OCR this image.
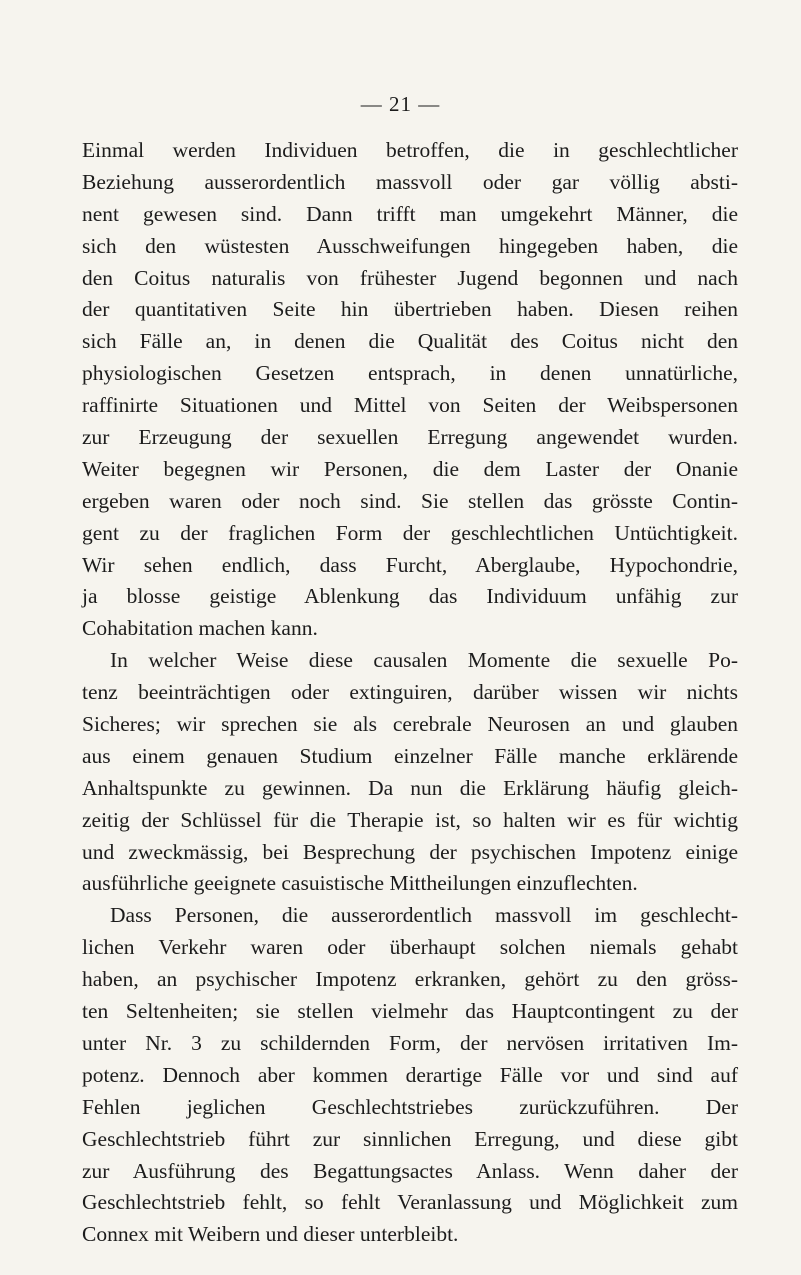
— 21 —
Einmal werden Individuen betroffen, die in geschlechtlicher
Beziehung ausserordentlich massvoll oder gar völlig absti-
nent gewesen sind. Dann trifft man umgekehrt Männer, die
sich den wüstesten Ausschweifungen hingegeben haben, die
den Coitus naturalis von frühester Jugend begonnen und nach
der quantitativen Seite hin übertrieben haben. Diesen reihen
sich Fälle an, in denen die Qualität des Coitus nicht den
physiologischen Gesetzen entsprach, in denen unnatürliche,
raffinirte Situationen und Mittel von Seiten der Weibspersonen
zur Erzeugung der sexuellen Erregung angewendet wurden.
Weiter begegnen wir Personen, die dem Laster der Onanie
ergeben waren oder noch sind. Sie stellen das grösste Contin-
gent zu der fraglichen Form der geschlechtlichen Untüchtigkeit.
Wir sehen endlich, dass Furcht, Aberglaube, Hypochondrie,
ja blosse geistige Ablenkung das Individuum unfähig zur
Cohabitation machen kann.
In welcher Weise diese causalen Momente die sexuelle Po-
tenz beeinträchtigen oder extinguiren, darüber wissen wir nichts
Sicheres; wir sprechen sie als cerebrale Neurosen an und glauben
aus einem genauen Studium einzelner Fälle manche erklärende
Anhaltspunkte zu gewinnen. Da nun die Erklärung häufig gleich-
zeitig der Schlüssel für die Therapie ist, so halten wir es für wichtig
und zweckmässig, bei Besprechung der psychischen Impotenz einige
ausführliche geeignete casuistische Mittheilungen einzuflechten.
Dass Personen, die ausserordentlich massvoll im geschlecht-
lichen Verkehr waren oder überhaupt solchen niemals gehabt
haben, an psychischer Impotenz erkranken, gehört zu den gröss-
ten Seltenheiten; sie stellen vielmehr das Hauptcontingent zu der
unter Nr. 3 zu schildernden Form, der nervösen irritativen Im-
potenz. Dennoch aber kommen derartige Fälle vor und sind auf
Fehlen jeglichen Geschlechtstriebes zurückzuführen. Der
Geschlechtstrieb führt zur sinnlichen Erregung, und diese gibt
zur Ausführung des Begattungsactes Anlass. Wenn daher der
Geschlechtstrieb fehlt, so fehlt Veranlassung und Möglichkeit zum
Connex mit Weibern und dieser unterbleibt.
